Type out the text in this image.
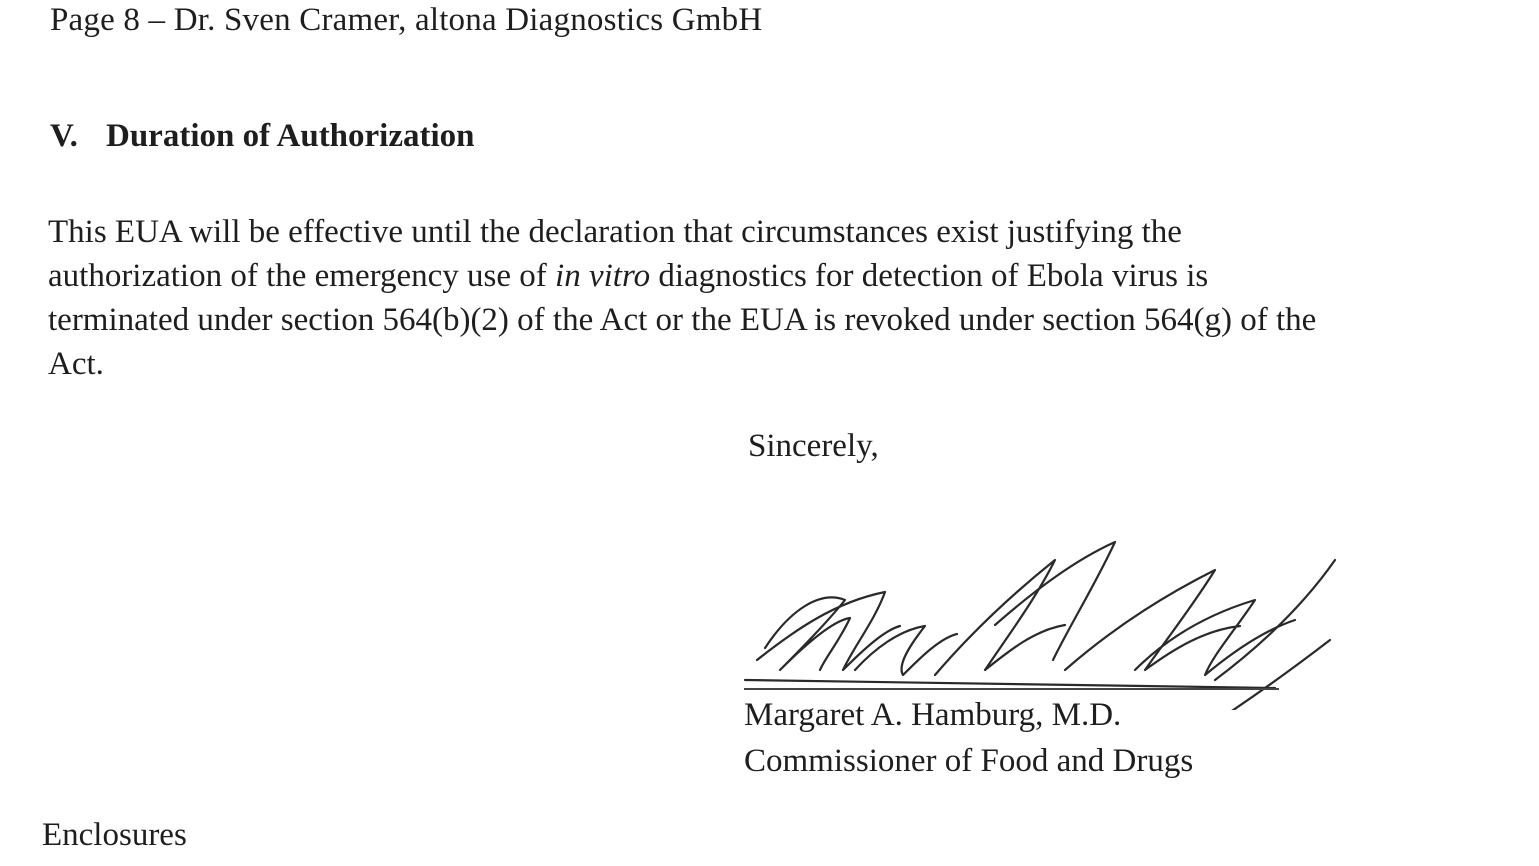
Page 8 – Dr. Sven Cramer, altona Diagnostics GmbH
V. Duration of Authorization
This EUA will be effective until the declaration that circumstances exist justifying the
authorization of the emergency use of in vitro diagnostics for detection of Ebola virus is
terminated under section 564(b)(2) of the Act or the EUA is revoked under section 564(g) of the
Act.
Sincerely,
Margaret A. Hamburg, M.D.
Commissioner of Food and Drugs
Enclosures
